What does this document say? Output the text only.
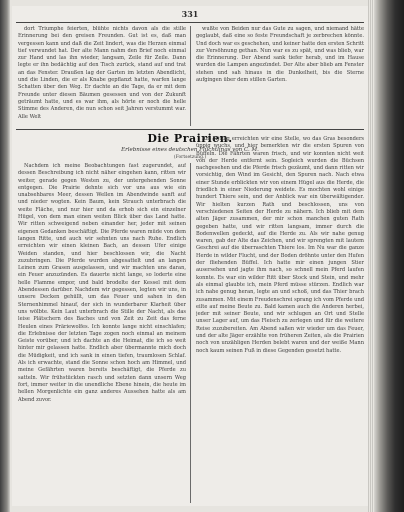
331

dort Triumphe feierten, blühte nichts davon als die stille Erinnerung bei den greisen Freunden. Gut ist es, daß man vergessen kann und daß die Zeit lindert, was die Herzen einmal tief verwundet hat. Der alte Mann nahm den Brief noch einmal zur Hand und las ihn wieder, langsam, Zeile für Zeile. Dann legte er ihn bedächtig auf den Tisch zurück, stand auf und trat an das Fenster. Draußen lag der Garten im letzten Abendlicht, und die Linden, die er als Knabe gepflanzt hatte, warfen lange Schatten über den Weg. Er dachte an die Tage, da er mit dem Freunde unter diesen Bäumen gesessen und von der Zukunft geträumt hatte, und es war ihm, als hörte er noch die helle Stimme des Anderen, die nun schon seit Jahren verstummt war. Alle Welt

wußte von Beiden nur das Gute zu sagen, und niemand hätte geglaubt, daß eine so feste Freundschaft je zerbrechen könnte. Und doch war es geschehen, und keiner hatte den ersten Schritt zur Versöhnung gethan. Nun war es zu spät, und was blieb, war die Erinnerung. Der Abend sank tiefer herab, und im Hause wurden die Lampen angezündet. Der Alte aber blieb am Fenster stehen und sah hinaus in die Dunkelheit, bis die Sterne aufgingen über dem stillen Garten.

Die Prairien.
Erlebnisse eines deutschen Flüchtlings von C. M.
(Fortsetzung.)

Nachdem ich meine Beobachtungen fast zugerundet, auf dessen Beschreibung ich nicht näher eingehen kann, ritten wir weiter, gerade gegen Westen zu, der untergehenden Sonne entgegen. Die Prairie dehnte sich vor uns aus wie ein unabsehbares Meer, dessen Wellen im Abendwinde sanft auf und nieder wogten. Kein Baum, kein Strauch unterbrach die weite Fläche, und nur hier und da erhob sich ein einzelner Hügel, von dem man einen weiten Blick über das Land hatte. Wir ritten schweigend neben einander her, jeder mit seinen eigenen Gedanken beschäftigt. Die Pferde waren müde von dem langen Ritte, und auch wir sehnten uns nach Ruhe. Endlich erreichten wir einen kleinen Bach, an dessen Ufer einige Weiden standen, und hier beschlossen wir, die Nacht zuzubringen. Die Pferde wurden abgesattelt und an langen Leinen zum Grasen ausgelassen, und wir machten uns daran, ein Feuer anzuzünden. Es dauerte nicht lange, so loderte eine helle Flamme empor, und bald brodelte der Kessel mit dem Abendessen darüber. Nachdem wir gegessen, legten wir uns, in unsere Decken gehüllt, um das Feuer und sahen in den Sternenhimmel hinauf, der sich in wunderbarer Klarheit über uns wölbte. Kein Laut unterbrach die Stille der Nacht, als das leise Plätschern des Baches und von Zeit zu Zeit das ferne Heulen eines Präriewolfes. Ich konnte lange nicht einschlafen; die Erlebnisse der letzten Tage zogen noch einmal an meinem Geiste vorüber, und ich dachte an die Heimat, die ich so weit hinter mir gelassen hatte. Endlich aber übermannte mich doch die Müdigkeit, und ich sank in einen tiefen, traumlosen Schlaf. Als ich erwachte, stand die Sonne schon hoch am Himmel, und meine Gefährten waren bereits beschäftigt, die Pferde zu satteln. Wir frühstückten rasch und setzten dann unsern Weg fort, immer weiter in die unendliche Ebene hinein, die heute im hellen Morgenlichte ein ganz anderes Aussehen hatte als am Abend zuvor.

Am Mittag erreichten wir eine Stelle, wo das Gras besonders üppig wuchs, und hier bemerkten wir die ersten Spuren von Büffeln. Die Fährten waren frisch, und wir konnten nicht weit von der Herde entfernt sein. Sogleich wurden die Büchsen nachgesehen und die Pferde frisch gezäumt, und dann ritten wir vorsichtig, den Wind im Gesicht, den Spuren nach. Nach etwa einer Stunde erblickten wir von einem Hügel aus die Herde, die friedlich in einer Niederung weidete. Es mochten wohl einige hundert Thiere sein, und der Anblick war ein überwältigender. Wir hielten kurzen Rath und beschlossen, uns von verschiedenen Seiten der Herde zu nähern. Ich blieb mit dem alten Jäger zusammen, der mir schon manchen guten Rath gegeben hatte, und wir ritten langsam, immer durch die Bodenwellen gedeckt, auf die Herde zu. Als wir nahe genug waren, gab der Alte das Zeichen, und wir sprengten mit lautem Geschrei auf die überraschten Thiere los. Im Nu war die ganze Herde in wilder Flucht, und der Boden dröhnte unter den Hufen der fliehenden Büffel. Ich hatte mir einen jungen Stier ausersehen und jagte ihm nach, so schnell mein Pferd laufen konnte. Es war ein wilder Ritt über Stock und Stein, und mehr als einmal glaubte ich, mein Pferd müsse stürzen. Endlich war ich nahe genug heran, legte an und schoß, und das Thier brach zusammen. Mit einem Freudenschrei sprang ich vom Pferde und eilte auf meine Beute zu. Bald kamen auch die Anderen herbei, jeder mit seiner Beute, und wir schlugen an Ort und Stelle unser Lager auf, um das Fleisch zu zerlegen und für die weitere Reise zuzubereiten. Am Abend saßen wir wieder um das Feuer, und der alte Jäger erzählte von früheren Zeiten, als die Prairien noch von unzähligen Herden belebt waren und der weiße Mann noch kaum seinen Fuß in diese Gegenden gesetzt hatte.
